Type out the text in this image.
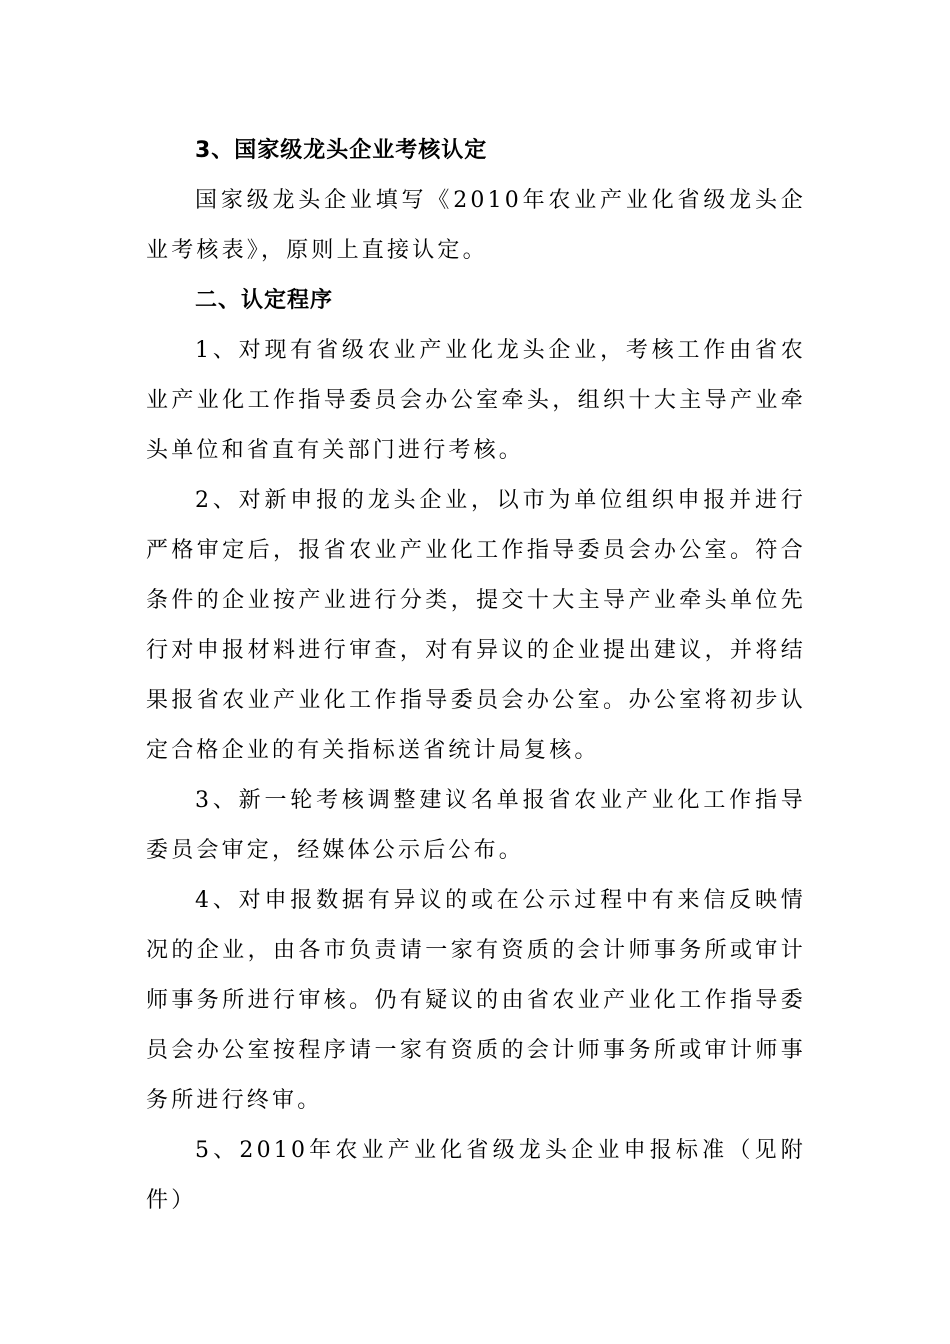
3、国家级龙头企业考核认定

国家级龙头企业填写《2010年农业产业化省级龙头企业考核表》，原则上直接认定。

二、认定程序

1、对现有省级农业产业化龙头企业，考核工作由省农业产业化工作指导委员会办公室牵头，组织十大主导产业牵头单位和省直有关部门进行考核。

2、对新申报的龙头企业，以市为单位组织申报并进行严格审定后，报省农业产业化工作指导委员会办公室。符合条件的企业按产业进行分类，提交十大主导产业牵头单位先行对申报材料进行审查，对有异议的企业提出建议，并将结果报省农业产业化工作指导委员会办公室。办公室将初步认定合格企业的有关指标送省统计局复核。

3、新一轮考核调整建议名单报省农业产业化工作指导委员会审定，经媒体公示后公布。

4、对申报数据有异议的或在公示过程中有来信反映情况的企业，由各市负责请一家有资质的会计师事务所或审计师事务所进行审核。仍有疑议的由省农业产业化工作指导委员会办公室按程序请一家有资质的会计师事务所或审计师事务所进行终审。

5、2010年农业产业化省级龙头企业申报标准（见附件）
